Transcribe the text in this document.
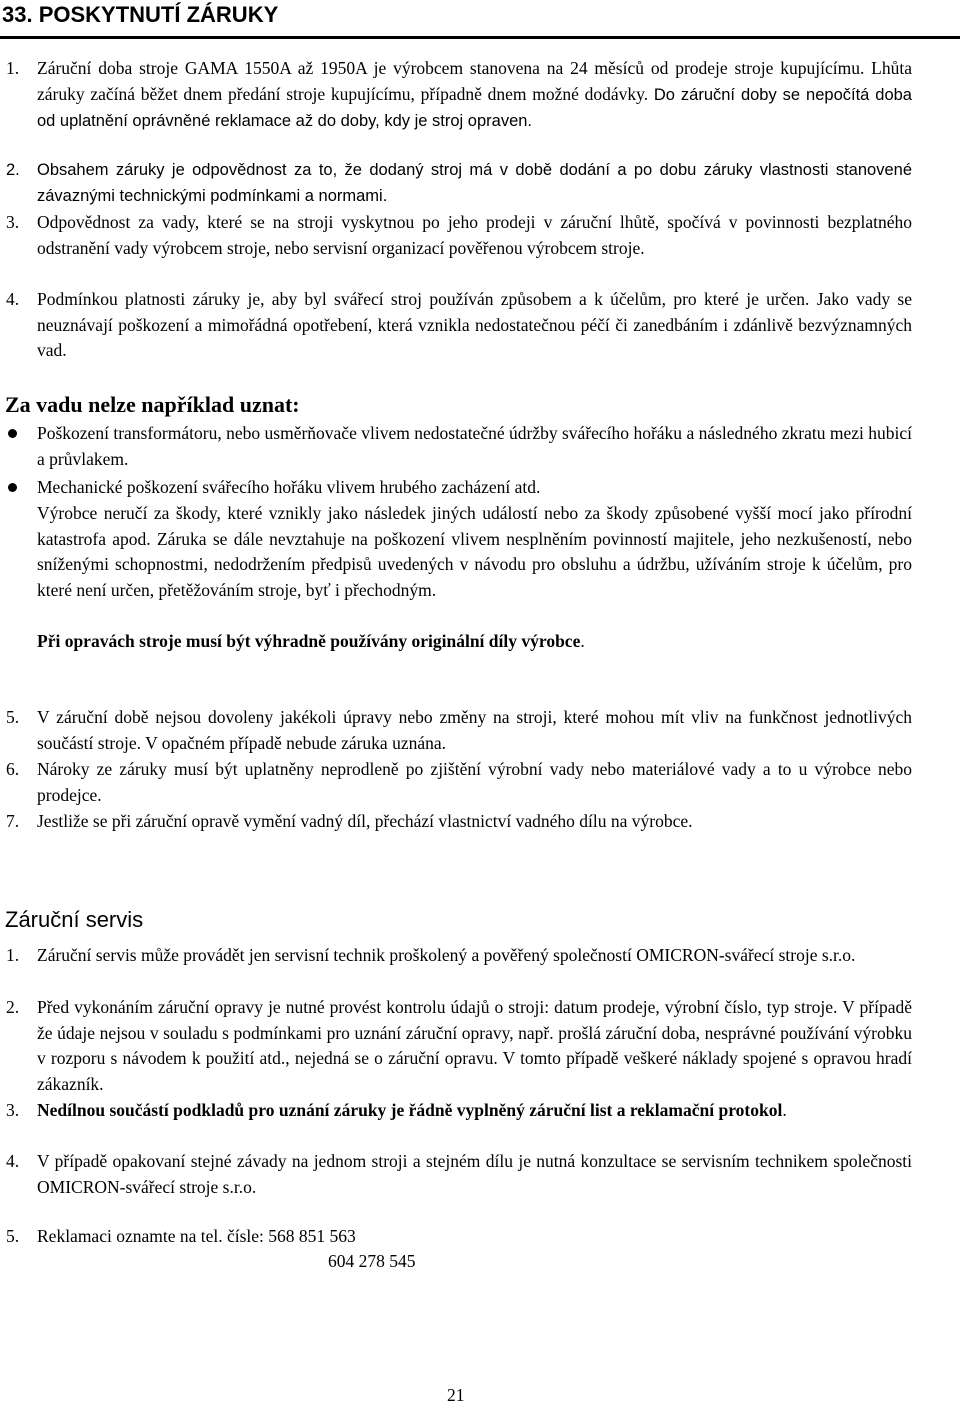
33. POSKYTNUTÍ ZÁRUKY
1. Záruční doba stroje GAMA 1550A až 1950A je výrobcem stanovena na 24 měsíců od prodeje stroje kupujícímu. Lhůta záruky začíná běžet dnem předání stroje kupujícímu, případně dnem možné dodávky. Do záruční doby se nepočítá doba od uplatnění oprávněné reklamace až do doby, kdy je stroj opraven.
2. Obsahem záruky je odpovědnost za to, že dodaný stroj má v době dodání a po dobu záruky vlastnosti stanovené závaznými technickými podmínkami a normami.
3. Odpovědnost za vady, které se na stroji vyskytnou po jeho prodeji v záruční lhůtě, spočívá v povinnosti bezplatného odstranění vady výrobcem stroje, nebo servisní organizací pověřenou výrobcem stroje.
4. Podmínkou platnosti záruky je, aby byl svářecí stroj používán způsobem a k účelům, pro které je určen. Jako vady se neuznávají poškození a mimořádná opotřebení, která vznikla nedostatečnou péčí či zanedbáním i zdánlivě bezvýznamných vad.
Za vadu nelze například uznat:
Poškození transformátoru, nebo usměrňovače vlivem nedostatečné údržby svářecího hořáku a následného zkratu mezi hubicí a průvlakem.
Mechanické poškození svářecího hořáku vlivem hrubého zacházení atd.
Výrobce neručí za škody, které vznikly jako následek jiných událostí nebo za škody způsobené vyšší mocí jako přírodní katastrofa apod. Záruka se dále nevztahuje na poškození vlivem nesplněním povinností majitele, jeho nezkušeností, nebo sníženými schopnostmi, nedodržením předpisů uvedených v návodu pro obsluhu a údržbu, užíváním stroje k účelům, pro které není určen, přetěžováním stroje, byť i přechodným.
Při opravách stroje musí být výhradně používány originální díly výrobce.
5. V záruční době nejsou dovoleny jakékoli úpravy nebo změny na stroji, které mohou mít vliv na funkčnost jednotlivých součástí stroje. V opačném případě nebude záruka uznána.
6. Nároky ze záruky musí být uplatněny neprodleně po zjištění výrobní vady nebo materiálové vady a to u výrobce nebo prodejce.
7. Jestliže se při záruční opravě vymění vadný díl, přechází vlastnictví vadného dílu na výrobce.
Záruční servis
1. Záruční servis může provádět jen servisní technik proškolený a pověřený společností OMICRON-svářecí stroje s.r.o.
2. Před vykonáním záruční opravy je nutné provést kontrolu údajů o stroji: datum prodeje, výrobní číslo, typ stroje. V případě že údaje nejsou v souladu s podmínkami pro uznání záruční opravy, např. prošlá záruční doba, nesprávné používání výrobku v rozporu s návodem k použití atd., nejedná se o záruční opravu. V tomto případě veškeré náklady spojené s opravou hradí zákazník.
3. Nedílnou součástí podkladů pro uznání záruky je řádně vyplněný záruční list a reklamační protokol.
4. V případě opakovaní stejné závady na jednom stroji a stejném dílu je nutná konzultace se servisním technikem společnosti OMICRON-svářecí stroje s.r.o.
5. Reklamaci oznamte na tel. čísle: 568 851 563
604 278 545
21
